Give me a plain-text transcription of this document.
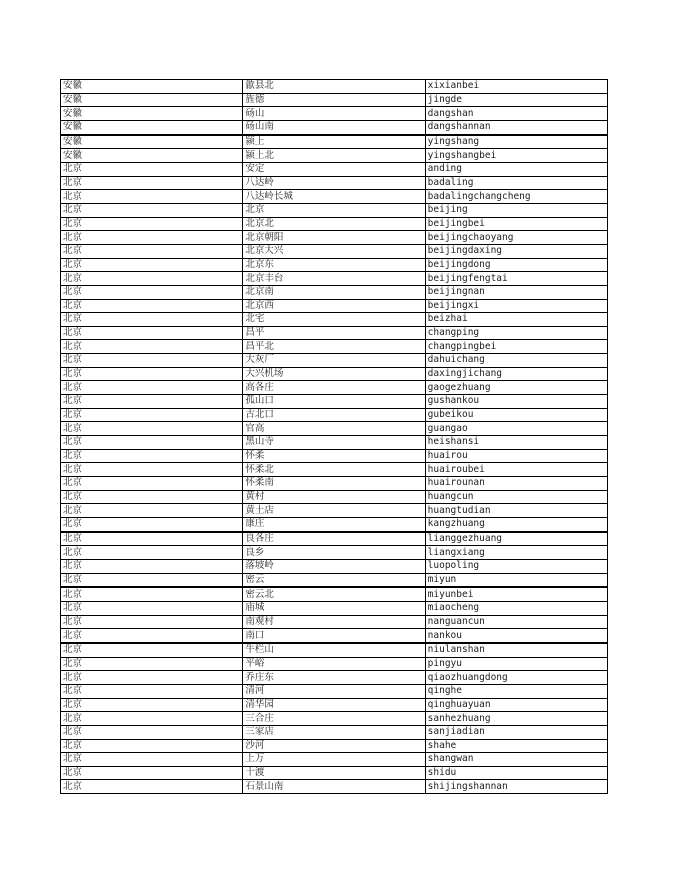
安徽	歙县北	xixianbei
安徽	旌德	jingde
安徽	砀山	dangshan
安徽	砀山南	dangshannan
安徽	颍上	yingshang
安徽	颍上北	yingshangbei
北京	安定	anding
北京	八达岭	badaling
北京	八达岭长城	badalingchangcheng
北京	北京	beijing
北京	北京北	beijingbei
北京	北京朝阳	beijingchaoyang
北京	北京大兴	beijingdaxing
北京	北京东	beijingdong
北京	北京丰台	beijingfengtai
北京	北京南	beijingnan
北京	北京西	beijingxi
北京	北宅	beizhai
北京	昌平	changping
北京	昌平北	changpingbei
北京	大灰厂	dahuichang
北京	大兴机场	daxingjichang
北京	高各庄	gaogezhuang
北京	孤山口	gushankou
北京	古北口	gubeikou
北京	官高	guangao
北京	黑山寺	heishansi
北京	怀柔	huairou
北京	怀柔北	huairoubei
北京	怀柔南	huairounan
北京	黄村	huangcun
北京	黄土店	huangtudian
北京	康庄	kangzhuang
北京	良各庄	lianggezhuang
北京	良乡	liangxiang
北京	落坡岭	luopoling
北京	密云	miyun
北京	密云北	miyunbei
北京	庙城	miaocheng
北京	南观村	nanguancun
北京	南口	nankou
北京	牛栏山	niulanshan
北京	平峪	pingyu
北京	乔庄东	qiaozhuangdong
北京	清河	qinghe
北京	清华园	qinghuayuan
北京	三合庄	sanhezhuang
北京	三家店	sanjiadian
北京	沙河	shahe
北京	上万	shangwan
北京	十渡	shidu
北京	石景山南	shijingshannan
